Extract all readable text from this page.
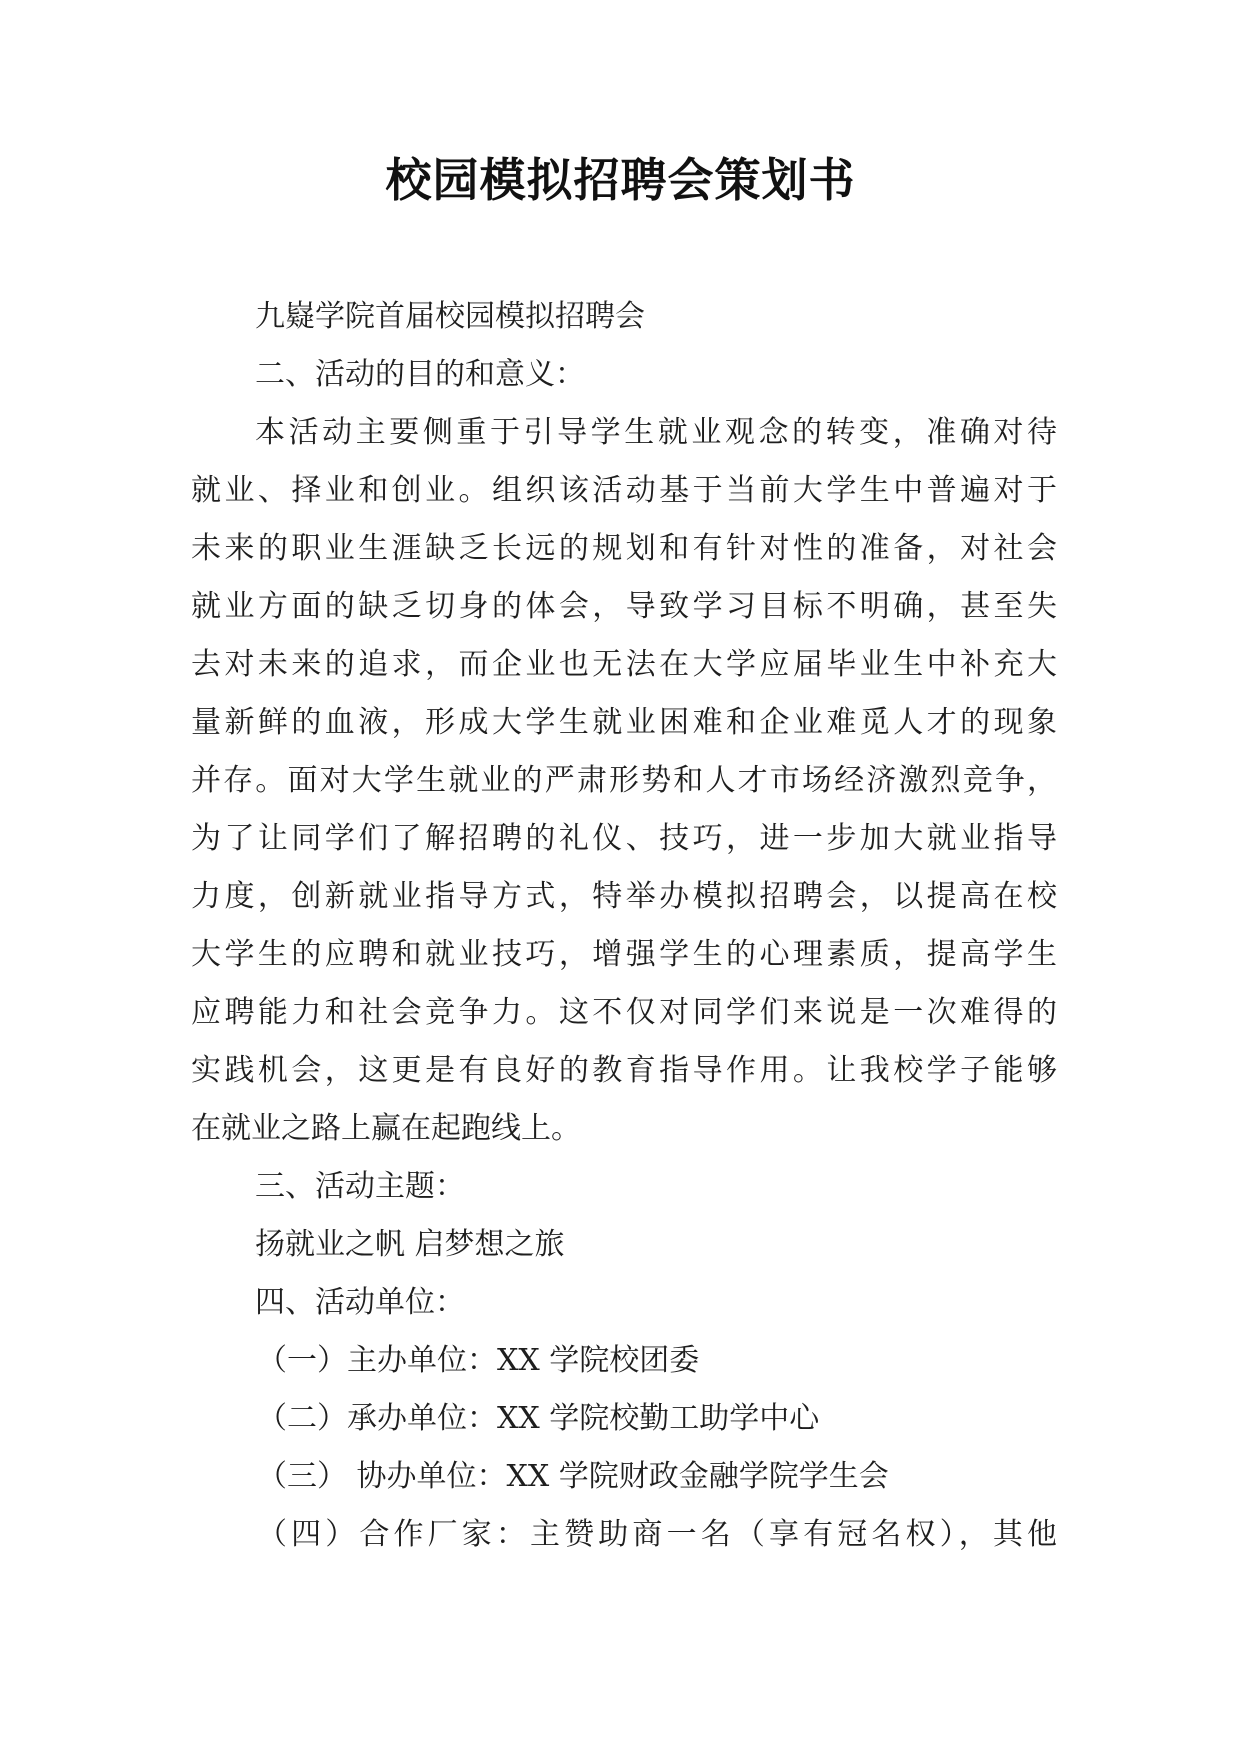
校园模拟招聘会策划书
九嶷学院首届校园模拟招聘会
二、活动的目的和意义：
本活动主要侧重于引导学生就业观念的转变，准确对待
就业、择业和创业。组织该活动基于当前大学生中普遍对于
未来的职业生涯缺乏长远的规划和有针对性的准备，对社会
就业方面的缺乏切身的体会，导致学习目标不明确，甚至失
去对未来的追求，而企业也无法在大学应届毕业生中补充大
量新鲜的血液，形成大学生就业困难和企业难觅人才的现象
并存。面对大学生就业的严肃形势和人才市场经济激烈竞争，
为了让同学们了解招聘的礼仪、技巧，进一步加大就业指导
力度，创新就业指导方式，特举办模拟招聘会，以提高在校
大学生的应聘和就业技巧，增强学生的心理素质，提高学生
应聘能力和社会竞争力。这不仅对同学们来说是一次难得的
实践机会，这更是有良好的教育指导作用。让我校学子能够
在就业之路上赢在起跑线上。
三、活动主题：
扬就业之帆 启梦想之旅
四、活动单位：
（一）主办单位：XX 学院校团委
（二）承办单位：XX 学院校勤工助学中心
（三） 协办单位：XX 学院财政金融学院学生会
（四）合作厂家：主赞助商一名（享有冠名权），其他
